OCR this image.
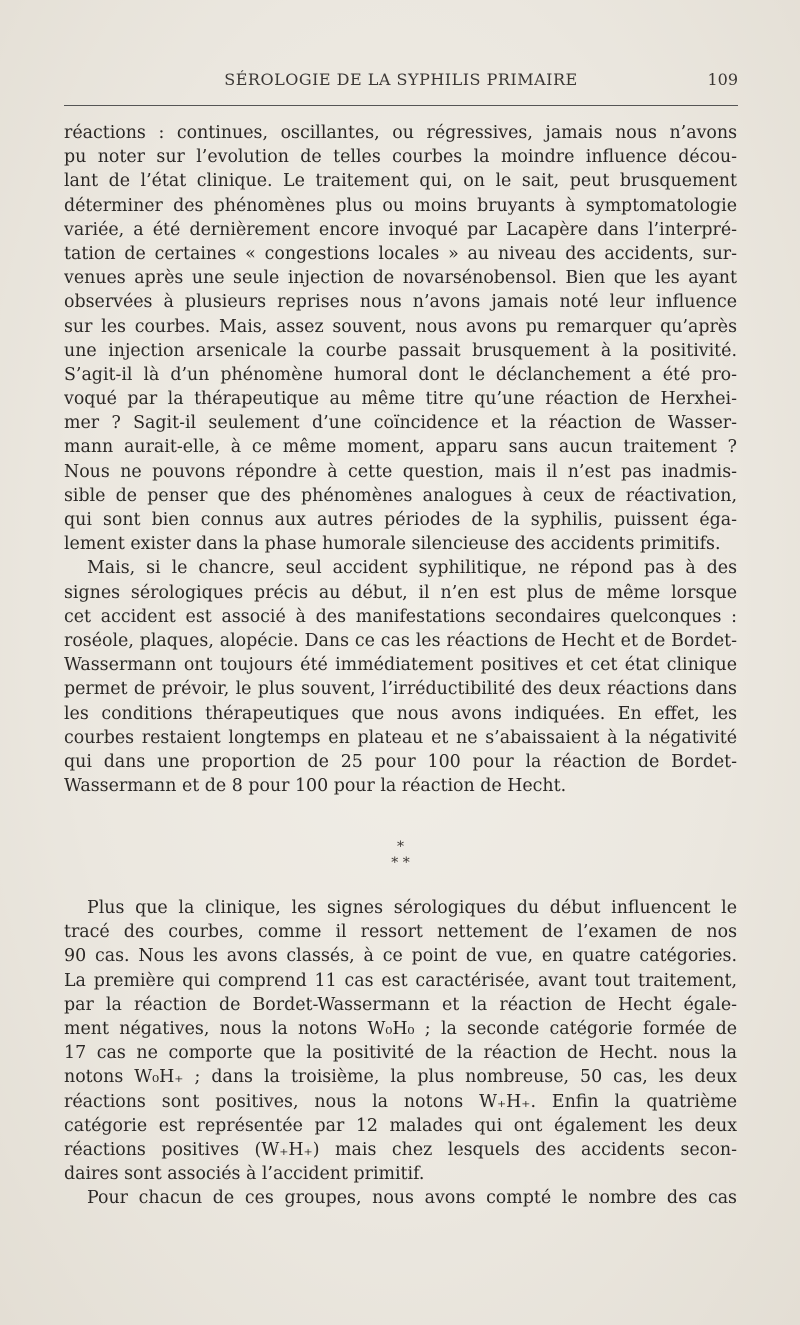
SÉROLOGIE DE LA SYPHILIS PRIMAIRE	109
réactions : continues, oscillantes, ou régressives, jamais nous n’avons
pu noter sur l’evolution de telles courbes la moindre influence décou-
lant de l’état clinique. Le traitement qui, on le sait, peut brusquement
déterminer des phénomènes plus ou moins bruyants à symptomatologie
variée, a été dernièrement encore invoqué par Lacapère dans l’interpré-
tation de certaines « congestions locales » au niveau des accidents, sur-
venues après une seule injection de novarsénobensol. Bien que les ayant
observées à plusieurs reprises nous n’avons jamais noté leur influence
sur les courbes. Mais, assez souvent, nous avons pu remarquer qu’après
une injection arsenicale la courbe passait brusquement à la positivité.
S’agit-il là d’un phénomène humoral dont le déclanchement a été pro-
voqué par la thérapeutique au même titre qu’une réaction de Herxhei-
mer ? Sagit-il seulement d’une coïncidence et la réaction de Wasser-
mann aurait-elle, à ce même moment, apparu sans aucun traitement ?
Nous ne pouvons répondre à cette question, mais il n’est pas inadmis-
sible de penser que des phénomènes analogues à ceux de réactivation,
qui sont bien connus aux autres périodes de la syphilis, puissent éga-
lement exister dans la phase humorale silencieuse des accidents primitifs.
Mais, si le chancre, seul accident syphilitique, ne répond pas à des
signes sérologiques précis au début, il n’en est plus de même lorsque
cet accident est associé à des manifestations secondaires quelconques :
roséole, plaques, alopécie. Dans ce cas les réactions de Hecht et de Bordet-
Wassermann ont toujours été immédiatement positives et cet état clinique
permet de prévoir, le plus souvent, l’irréductibilité des deux réactions dans
les conditions thérapeutiques que nous avons indiquées. En effet, les
courbes restaient longtemps en plateau et ne s’abaissaient à la négativité
qui dans une proportion de 25 pour 100 pour la réaction de Bordet-
Wassermann et de 8 pour 100 pour la réaction de Hecht.
*
* *
Plus que la clinique, les signes sérologiques du début influencent le
tracé des courbes, comme il ressort nettement de l’examen de nos
90 cas. Nous les avons classés, à ce point de vue, en quatre catégories.
La première qui comprend 11 cas est caractérisée, avant tout traitement,
par la réaction de Bordet-Wassermann et la réaction de Hecht égale-
ment négatives, nous la notons W₀H₀ ; la seconde catégorie formée de
17 cas ne comporte que la positivité de la réaction de Hecht. nous la
notons W₀H₊ ; dans la troisième, la plus nombreuse, 50 cas, les deux
réactions sont positives, nous la notons W₊H₊. Enfin la quatrième
catégorie est représentée par 12 malades qui ont également les deux
réactions positives (W₊H₊) mais chez lesquels des accidents secon-
daires sont associés à l’accident primitif.
Pour chacun de ces groupes, nous avons compté le nombre des cas
